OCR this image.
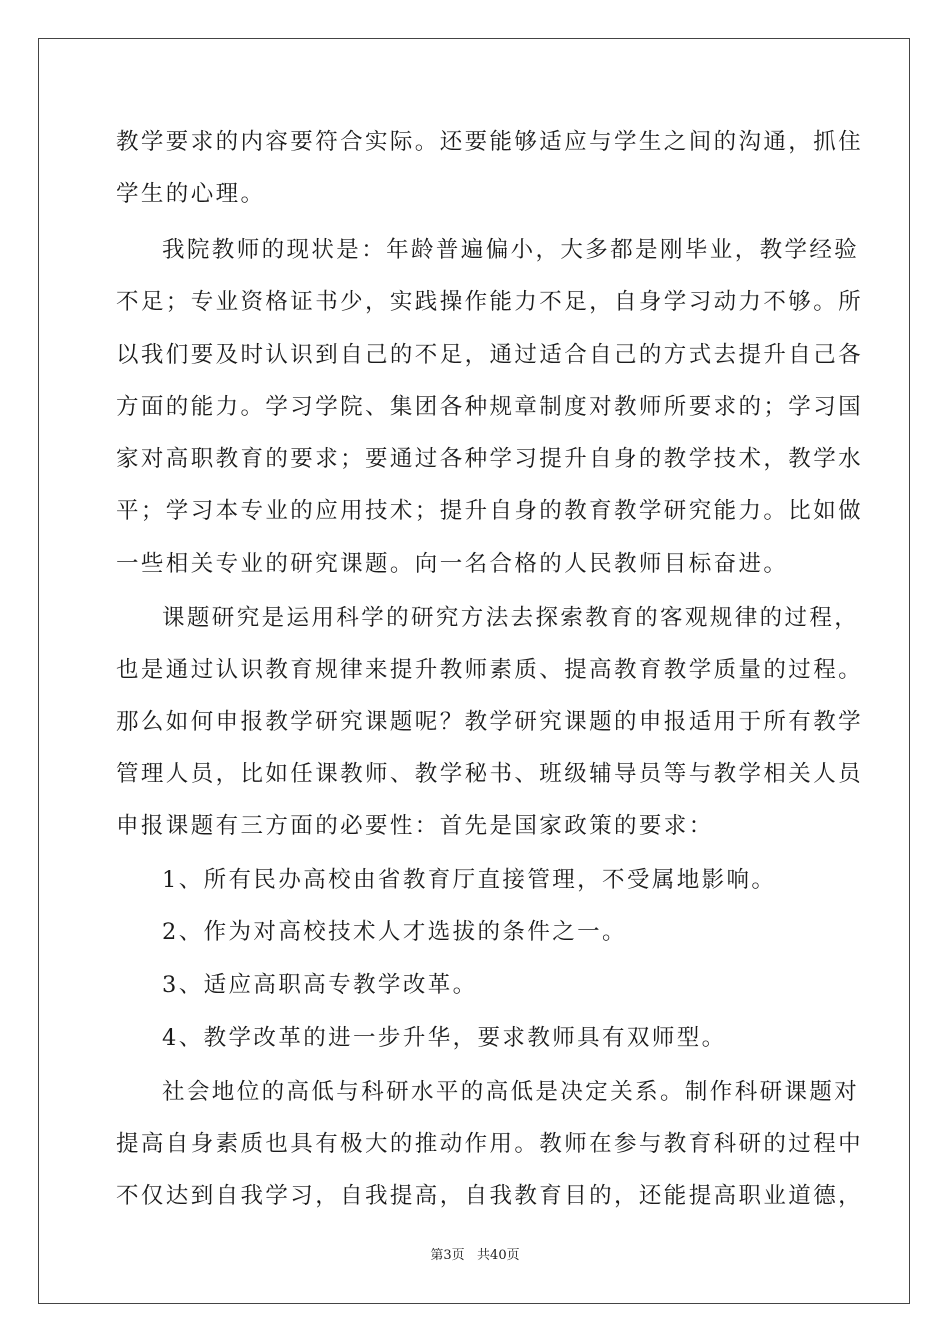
教学要求的内容要符合实际。还要能够适应与学生之间的沟通，抓住
学生的心理。
我院教师的现状是：年龄普遍偏小，大多都是刚毕业，教学经验
不足；专业资格证书少，实践操作能力不足，自身学习动力不够。所
以我们要及时认识到自己的不足，通过适合自己的方式去提升自己各
方面的能力。学习学院、集团各种规章制度对教师所要求的；学习国
家对高职教育的要求；要通过各种学习提升自身的教学技术，教学水
平；学习本专业的应用技术；提升自身的教育教学研究能力。比如做
一些相关专业的研究课题。向一名合格的人民教师目标奋进。
课题研究是运用科学的研究方法去探索教育的客观规律的过程，
也是通过认识教育规律来提升教师素质、提高教育教学质量的过程。
那么如何申报教学研究课题呢？教学研究课题的申报适用于所有教学
管理人员，比如任课教师、教学秘书、班级辅导员等与教学相关人员
申报课题有三方面的必要性：首先是国家政策的要求：
1、所有民办高校由省教育厅直接管理，不受属地影响。
2、作为对高校技术人才选拔的条件之一。
3、适应高职高专教学改革。
4、教学改革的进一步升华，要求教师具有双师型。
社会地位的高低与科研水平的高低是决定关系。制作科研课题对
提高自身素质也具有极大的推动作用。教师在参与教育科研的过程中
不仅达到自我学习，自我提高，自我教育目的，还能提高职业道德，
第3页   共40页
